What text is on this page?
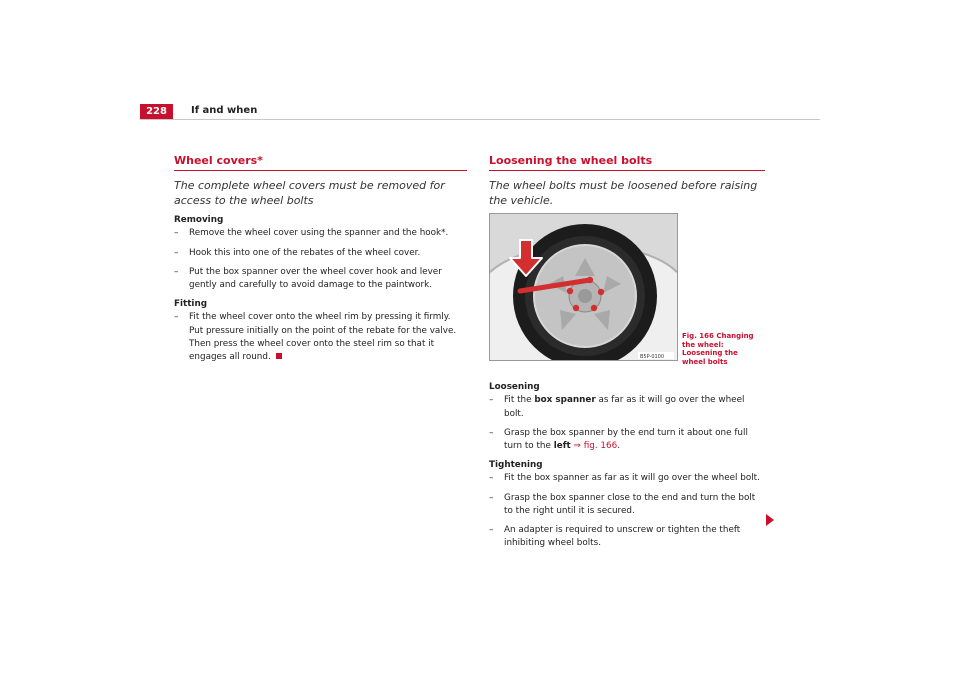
228	If and when
Wheel covers*
The complete wheel covers must be removed for access to the wheel bolts
Removing
– Remove the wheel cover using the spanner and the hook*.
– Hook this into one of the rebates of the wheel cover.
– Put the box spanner over the wheel cover hook and lever gently and carefully to avoid damage to the paintwork.
Fitting
– Fit the wheel cover onto the wheel rim by pressing it firmly. Put pressure initially on the point of the rebate for the valve. Then press the wheel cover onto the steel rim so that it engages all round.
Loosening the wheel bolts
The wheel bolts must be loosened before raising the vehicle.
B5P-0100
Fig. 166 Changing the wheel: Loosening the wheel bolts
Loosening
– Fit the box spanner as far as it will go over the wheel bolt.
– Grasp the box spanner by the end turn it about one full turn to the left ⇒ fig. 166.
Tightening
– Fit the box spanner as far as it will go over the wheel bolt.
– Grasp the box spanner close to the end and turn the bolt to the right until it is secured.
– An adapter is required to unscrew or tighten the theft inhibiting wheel bolts.
